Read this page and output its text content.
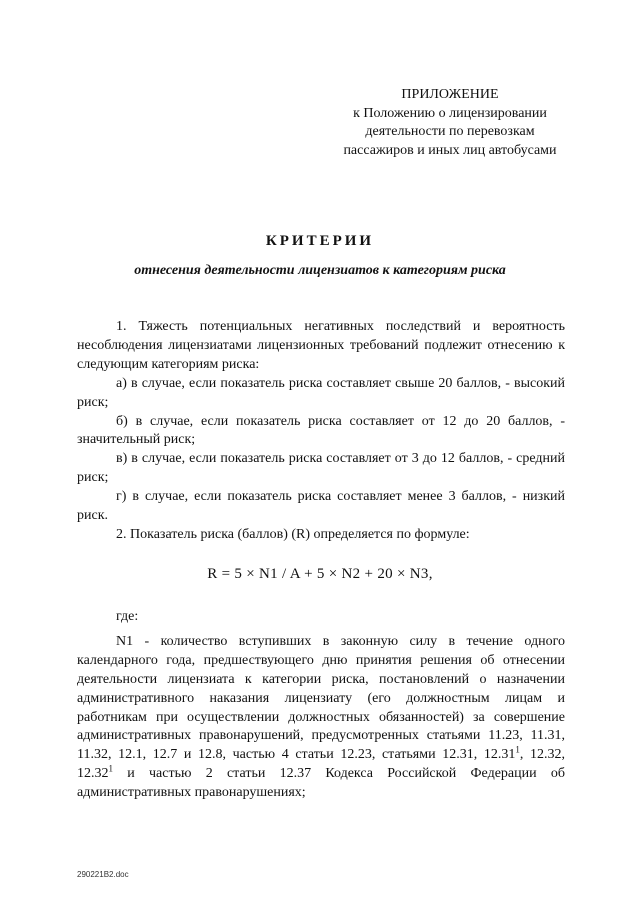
ПРИЛОЖЕНИЕ
к Положению о лицензировании
деятельности по перевозкам
пассажиров и иных лиц автобусами
КРИТЕРИИ
отнесения деятельности лицензиатов к категориям риска

1. Тяжесть потенциальных негативных последствий и вероятность несоблюдения лицензиатами лицензионных требований подлежит отнесению к следующим категориям риска:

а) в случае, если показатель риска составляет свыше 20 баллов, - высокий риск;

б) в случае, если показатель риска составляет от 12 до 20 баллов, - значительный риск;

в) в случае, если показатель риска составляет от 3 до 12 баллов, - средний риск;

г) в случае, если показатель риска составляет менее 3 баллов, - низкий риск.

2. Показатель риска (баллов) (R) определяется по формуле:

R = 5 × N1 / A + 5 × N2 + 20 × N3,

где:

N1 - количество вступивших в законную силу в течение одного календарного года, предшествующего дню принятия решения об отнесении деятельности лицензиата к категории риска, постановлений о назначении административного наказания лицензиату (его должностным лицам и работникам при осуществлении должностных обязанностей) за совершение административных правонарушений, предусмотренных статьями 11.23, 11.31, 11.32, 12.1, 12.7 и 12.8, частью 4 статьи 12.23, статьями 12.31, 12.31$^1$, 12.32, 12.32$^1$ и частью 2 статьи 12.37 Кодекса Российской Федерации об административных правонарушениях;

290221B2.doc
